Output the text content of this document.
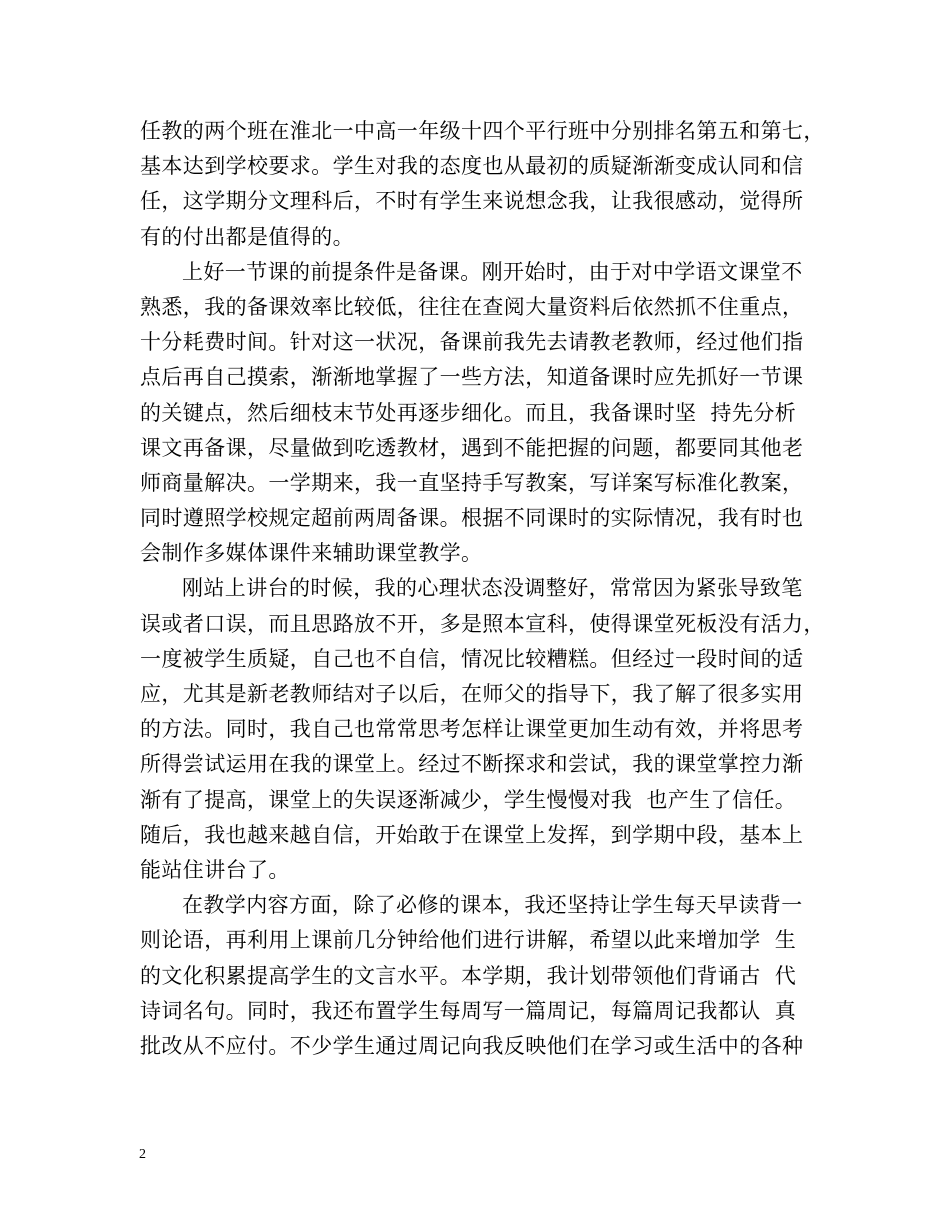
任教的两个班在淮北一中高一年级十四个平行班中分别排名第五和第七，
基本达到学校要求。学生对我的态度也从最初的质疑渐渐变成认同和信
任，这学期分文理科后，不时有学生来说想念我，让我很感动，觉得所
有的付出都是值得的。
上好一节课的前提条件是备课。刚开始时，由于对中学语文课堂不
熟悉，我的备课效率比较低，往往在查阅大量资料后依然抓不住重点，
十分耗费时间。针对这一状况，备课前我先去请教老教师，经过他们指
点后再自己摸索，渐渐地掌握了一些方法，知道备课时应先抓好一节课
的关键点，然后细枝末节处再逐步细化。而且，我备课时坚  持先分析
课文再备课，尽量做到吃透教材，遇到不能把握的问题，都要同其他老
师商量解决。一学期来，我一直坚持手写教案，写详案写标准化教案，
同时遵照学校规定超前两周备课。根据不同课时的实际情况，我有时也
会制作多媒体课件来辅助课堂教学。
刚站上讲台的时候，我的心理状态没调整好，常常因为紧张导致笔
误或者口误，而且思路放不开，多是照本宣科，使得课堂死板没有活力，
一度被学生质疑，自己也不自信，情况比较糟糕。但经过一段时间的适
应，尤其是新老教师结对子以后，在师父的指导下，我了解了很多实用
的方法。同时，我自己也常常思考怎样让课堂更加生动有效，并将思考
所得尝试运用在我的课堂上。经过不断探求和尝试，我的课堂掌控力渐
渐有了提高，课堂上的失误逐渐减少，学生慢慢对我  也产生了信任。
随后，我也越来越自信，开始敢于在课堂上发挥，到学期中段，基本上
能站住讲台了。
在教学内容方面，除了必修的课本，我还坚持让学生每天早读背一
则论语，再利用上课前几分钟给他们进行讲解，希望以此来增加学  生
的文化积累提高学生的文言水平。本学期，我计划带领他们背诵古  代
诗词名句。同时，我还布置学生每周写一篇周记，每篇周记我都认  真
批改从不应付。不少学生通过周记向我反映他们在学习或生活中的各种
2
